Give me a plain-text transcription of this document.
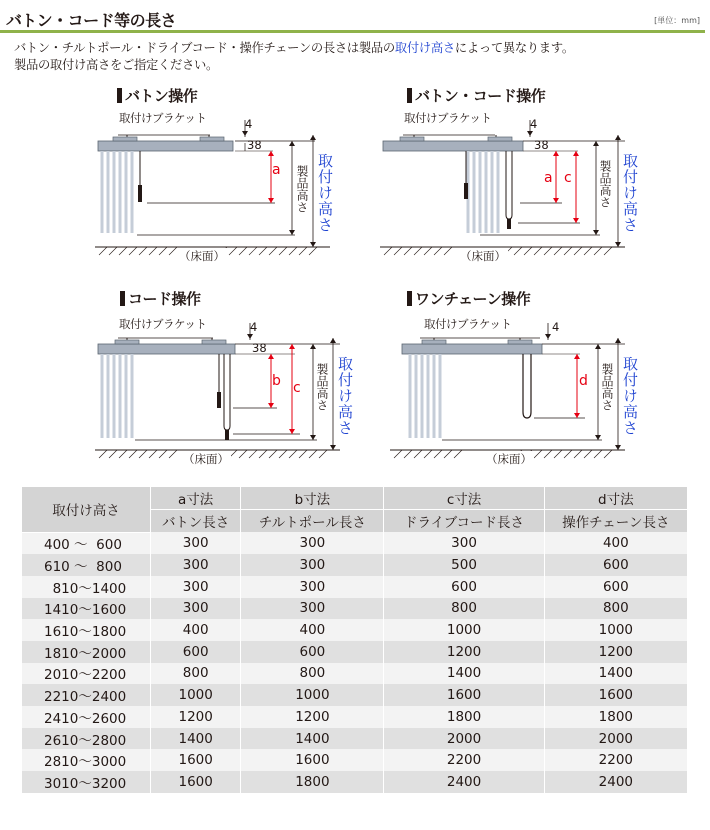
バトン・コード等の長さ	[単位：mm]
バトン・チルトポール・ドライブコード・操作チェーンの長さは製品の取付け高さによって異なります。
製品の取付け高さをご指定ください。
バトン操作
取付けブラケット	4
38
a 製品高さ 取付け高さ
（床面）
バトン・コード操作
取付けブラケット	4
38
a c 製品高さ 取付け高さ
（床面）
コード操作
取付けブラケット	4
38
b c 製品高さ 取付け高さ
（床面）
ワンチェーン操作
取付けブラケット	4
d 製品高さ 取付け高さ
（床面）
取付け高さ	a寸法	b寸法	c寸法	d寸法
	バトン長さ	チルトポール長さ	ドライブコード長さ	操作チェーン長さ
400 ～  600	300	300	300	400
610 ～  800	300	300	500	600
810～1400	300	300	600	600
1410～1600	300	300	800	800
1610～1800	400	400	1000	1000
1810～2000	600	600	1200	1200
2010～2200	800	800	1400	1400
2210～2400	1000	1000	1600	1600
2410～2600	1200	1200	1800	1800
2610～2800	1400	1400	2000	2000
2810～3000	1600	1600	2200	2200
3010～3200	1600	1800	2400	2400
